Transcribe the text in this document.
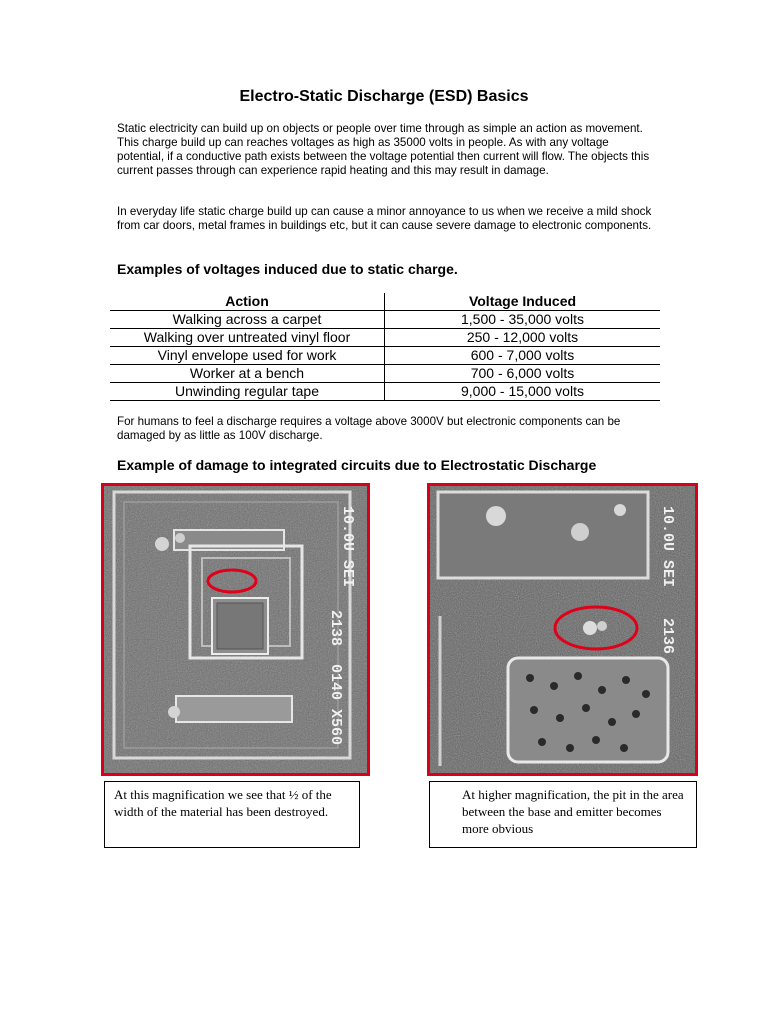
Electro-Static Discharge (ESD) Basics
Static electricity can build up on objects or people over time through as simple an action as movement. This charge build up can reaches voltages as high as 35000 volts in people. As with any voltage potential, if a conductive path exists between the voltage potential then current will flow. The objects this current passes through can experience rapid heating and this may result in damage.
In everyday life static charge build up can cause a minor annoyance to us when we receive a mild shock from car doors, metal frames in buildings etc, but it can cause severe damage to electronic components.
Examples of voltages induced due to static charge.
Action	Voltage Induced
Walking across a carpet	1,500 - 35,000 volts
Walking over untreated vinyl floor	250 - 12,000 volts
Vinyl envelope used for work	600 - 7,000 volts
Worker at a bench	700 - 6,000 volts
Unwinding regular tape	9,000 - 15,000 volts
For humans to feel a discharge requires a voltage above 3000V but electronic components can be damaged by as little as 100V discharge.
Example of damage to integrated circuits due to Electrostatic Discharge
10.0U SEI
2138
0140 X560
10.0U SEI
2136
At this magnification we see that ½ of the width of the material has been destroyed.
At higher magnification, the pit in the area between the base and emitter becomes more obvious
